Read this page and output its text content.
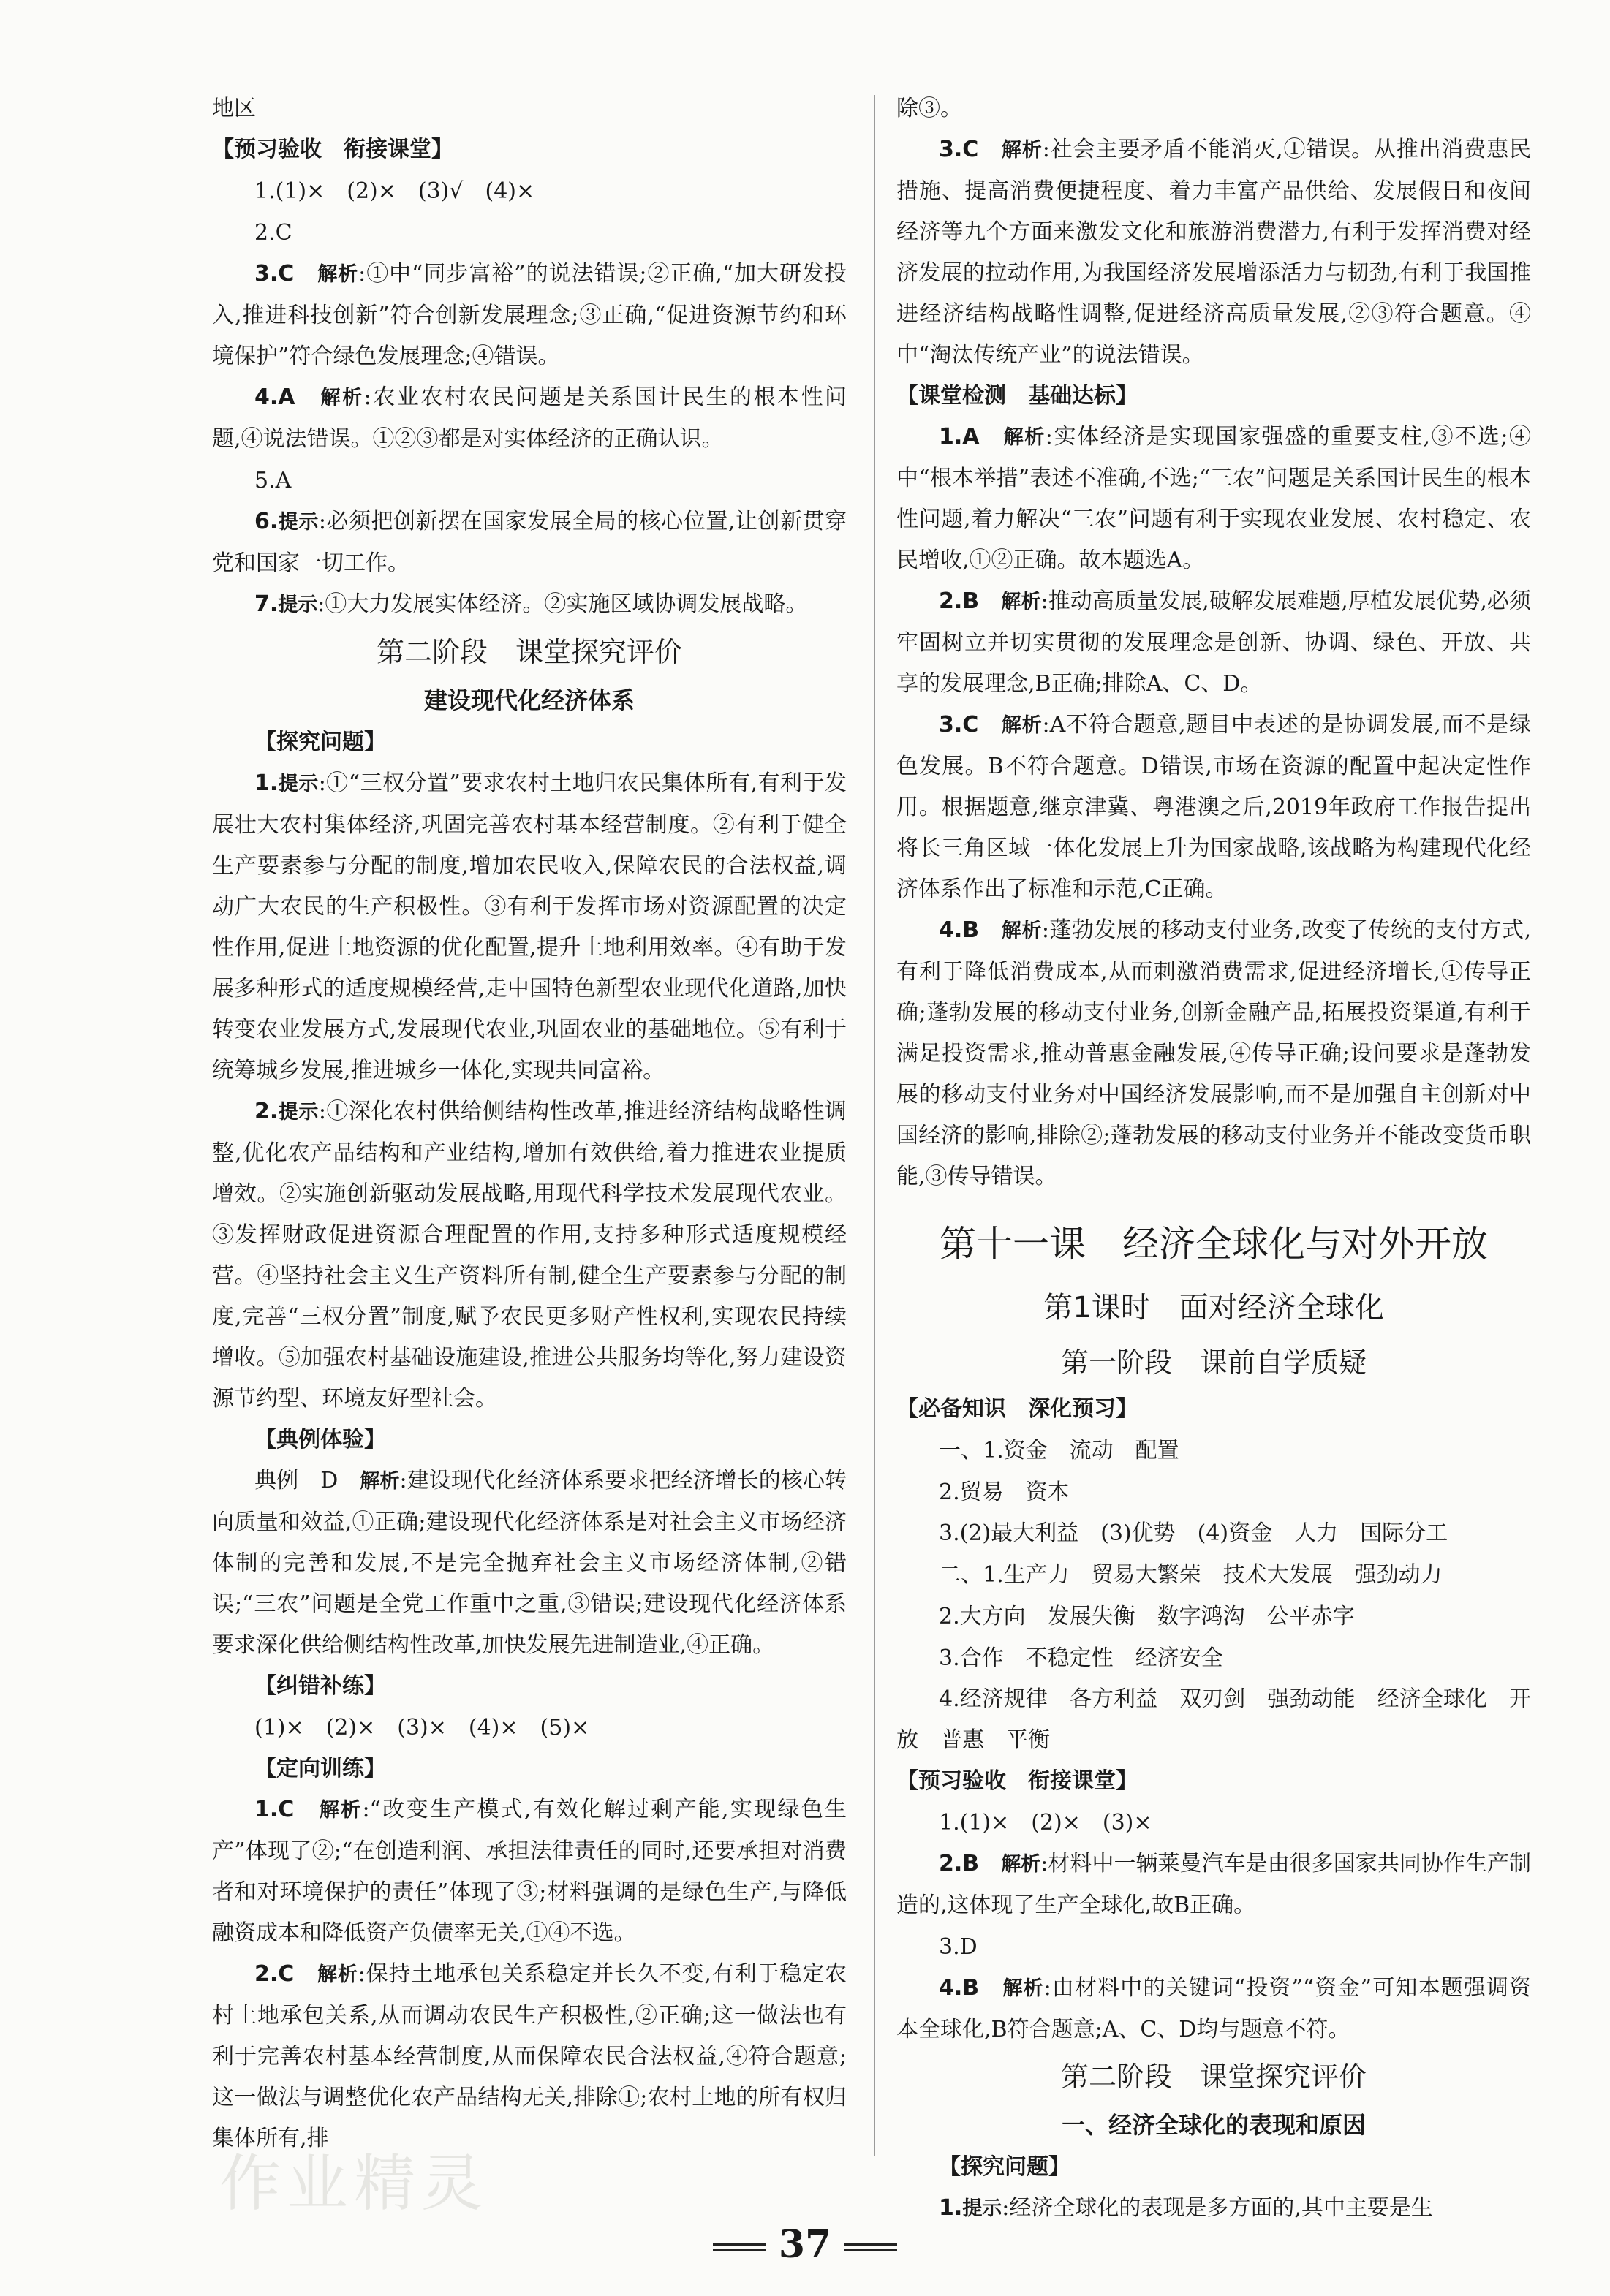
地区
【预习验收　衔接课堂】
1.(1)×　(2)×　(3)√　(4)×
2.C
3.C　 解析:①中“同步富裕”的说法错误;②正确,“加大研发投入,推进科技创新”符合创新发展理念;③正确,“促进资源节约和环境保护”符合绿色发展理念;④错误。
4.A　 解析:农业农村农民问题是关系国计民生的根本性问题,④说法错误。①②③都是对实体经济的正确认识。
5.A
6.提示:必须把创新摆在国家发展全局的核心位置,让创新贯穿党和国家一切工作。
7.提示:①大力发展实体经济。②实施区域协调发展战略。
第二阶段　课堂探究评价
建设现代化经济体系
【探究问题】
1.提示:①“三权分置”要求农村土地归农民集体所有,有利于发展壮大农村集体经济,巩固完善农村基本经营制度。②有利于健全生产要素参与分配的制度,增加农民收入,保障农民的合法权益,调动广大农民的生产积极性。③有利于发挥市场对资源配置的决定性作用,促进土地资源的优化配置,提升土地利用效率。④有助于发展多种形式的适度规模经营,走中国特色新型农业现代化道路,加快转变农业发展方式,发展现代农业,巩固农业的基础地位。⑤有利于统筹城乡发展,推进城乡一体化,实现共同富裕。
2.提示:①深化农村供给侧结构性改革,推进经济结构战略性调整,优化农产品结构和产业结构,增加有效供给,着力推进农业提质增效。②实施创新驱动发展战略,用现代科学技术发展现代农业。③发挥财政促进资源合理配置的作用,支持多种形式适度规模经营。④坚持社会主义生产资料所有制,健全生产要素参与分配的制度,完善“三权分置”制度,赋予农民更多财产性权利,实现农民持续增收。⑤加强农村基础设施建设,推进公共服务均等化,努力建设资源节约型、环境友好型社会。
【典例体验】
典例　D　解析:建设现代化经济体系要求把经济增长的核心转向质量和效益,①正确;建设现代化经济体系是对社会主义市场经济体制的完善和发展,不是完全抛弃社会主义市场经济体制,②错误;“三农”问题是全党工作重中之重,③错误;建设现代化经济体系要求深化供给侧结构性改革,加快发展先进制造业,④正确。
【纠错补练】
(1)×　(2)×　(3)×　(4)×　(5)×
【定向训练】
1.C　 解析:“改变生产模式,有效化解过剩产能,实现绿色生产”体现了②;“在创造利润、承担法律责任的同时,还要承担对消费者和对环境保护的责任”体现了③;材料强调的是绿色生产,与降低融资成本和降低资产负债率无关,①④不选。
2.C　 解析:保持土地承包关系稳定并长久不变,有利于稳定农村土地承包关系,从而调动农民生产积极性,②正确;这一做法也有利于完善农村基本经营制度,从而保障农民合法权益,④符合题意;这一做法与调整优化农产品结构无关,排除①;农村土地的所有权归集体所有,排
除③。
3.C　 解析:社会主要矛盾不能消灭,①错误。从推出消费惠民措施、提高消费便捷程度、着力丰富产品供给、发展假日和夜间经济等九个方面来激发文化和旅游消费潜力,有利于发挥消费对经济发展的拉动作用,为我国经济发展增添活力与韧劲,有利于我国推进经济结构战略性调整,促进经济高质量发展,②③符合题意。④中“淘汰传统产业”的说法错误。
【课堂检测　基础达标】
1.A　 解析:实体经济是实现国家强盛的重要支柱,③不选;④中“根本举措”表述不准确,不选;“三农”问题是关系国计民生的根本性问题,着力解决“三农”问题有利于实现农业发展、农村稳定、农民增收,①②正确。故本题选A。
2.B　 解析:推动高质量发展,破解发展难题,厚植发展优势,必须牢固树立并切实贯彻的发展理念是创新、协调、绿色、开放、共享的发展理念,B正确;排除A、C、D。
3.C　 解析:A不符合题意,题目中表述的是协调发展,而不是绿色发展。B不符合题意。D错误,市场在资源的配置中起决定性作用。根据题意,继京津冀、粤港澳之后,2019年政府工作报告提出将长三角区域一体化发展上升为国家战略,该战略为构建现代化经济体系作出了标准和示范,C正确。
4.B　 解析:蓬勃发展的移动支付业务,改变了传统的支付方式,有利于降低消费成本,从而刺激消费需求,促进经济增长,①传导正确;蓬勃发展的移动支付业务,创新金融产品,拓展投资渠道,有利于满足投资需求,推动普惠金融发展,④传导正确;设问要求是蓬勃发展的移动支付业务对中国经济发展影响,而不是加强自主创新对中国经济的影响,排除②;蓬勃发展的移动支付业务并不能改变货币职能,③传导错误。
第十一课　经济全球化与对外开放
第1课时　面对经济全球化
第一阶段　课前自学质疑
【必备知识　深化预习】
一、1.资金　流动　配置
2.贸易　资本
3.(2)最大利益　(3)优势　(4)资金　人力　国际分工
二、1.生产力　贸易大繁荣　技术大发展　强劲动力
2.大方向　发展失衡　数字鸿沟　公平赤字
3.合作　不稳定性　经济安全
4.经济规律　各方利益　双刃剑　强劲动能　经济全球化　开放　普惠　平衡
【预习验收　衔接课堂】
1.(1)×　(2)×　(3)×
2.B　 解析:材料中一辆莱曼汽车是由很多国家共同协作生产制造的,这体现了生产全球化,故B正确。
3.D
4.B　 解析:由材料中的关键词“投资”“资金”可知本题强调资本全球化,B符合题意;A、C、D均与题意不符。
第二阶段　课堂探究评价
一、经济全球化的表现和原因
【探究问题】
1.提示:经济全球化的表现是多方面的,其中主要是生
作业精灵
37
